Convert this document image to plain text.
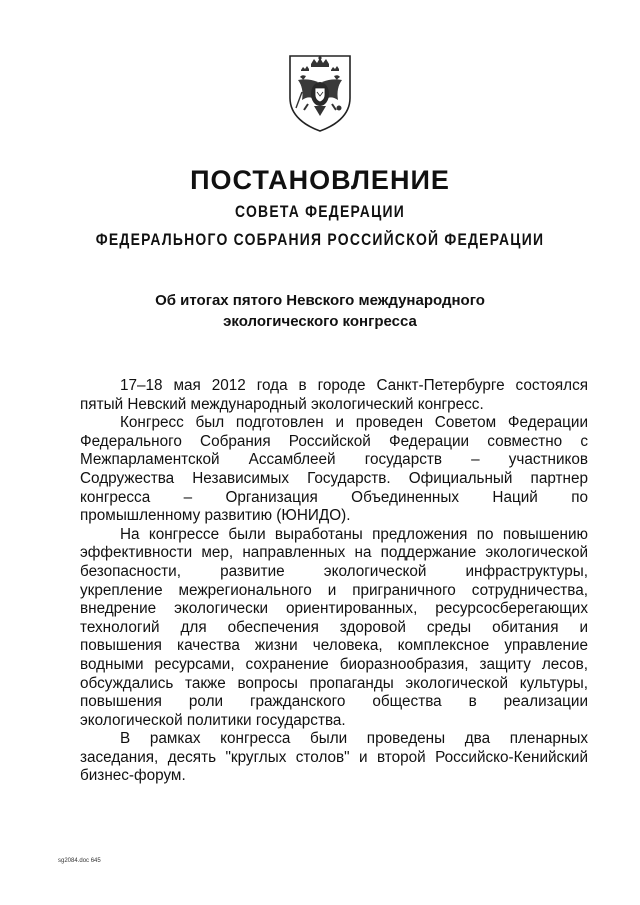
ПОСТАНОВЛЕНИЕ
СОВЕТА ФЕДЕРАЦИИ
ФЕДЕРАЛЬНОГО СОБРАНИЯ РОССИЙСКОЙ ФЕДЕРАЦИИ
Об итогах пятого Невского международного
экологического конгресса

17–18 мая 2012 года в городе Санкт-Петербурге состоялся
пятый Невский международный экологический конгресс.

Конгресс был подготовлен и проведен Советом Федерации
Федерального Собрания Российской Федерации совместно с
Межпарламентской Ассамблеей государств – участников
Содружества Независимых Государств. Официальный партнер
конгресса – Организация Объединенных Наций по
промышленному развитию (ЮНИДО).

На конгрессе были выработаны предложения по повышению
эффективности мер, направленных на поддержание экологической
безопасности, развитие экологической инфраструктуры,
укрепление межрегионального и приграничного сотрудничества,
внедрение экологически ориентированных, ресурсосберегающих
технологий для обеспечения здоровой среды обитания и
повышения качества жизни человека, комплексное управление
водными ресурсами, сохранение биоразнообразия, защиту лесов,
обсуждались также вопросы пропаганды экологической культуры,
повышения роли гражданского общества в реализации
экологической политики государства.

В рамках конгресса были проведены два пленарных
заседания, десять "круглых столов" и второй Российско-Кенийский
бизнес-форум.

sg2084.doc 645
